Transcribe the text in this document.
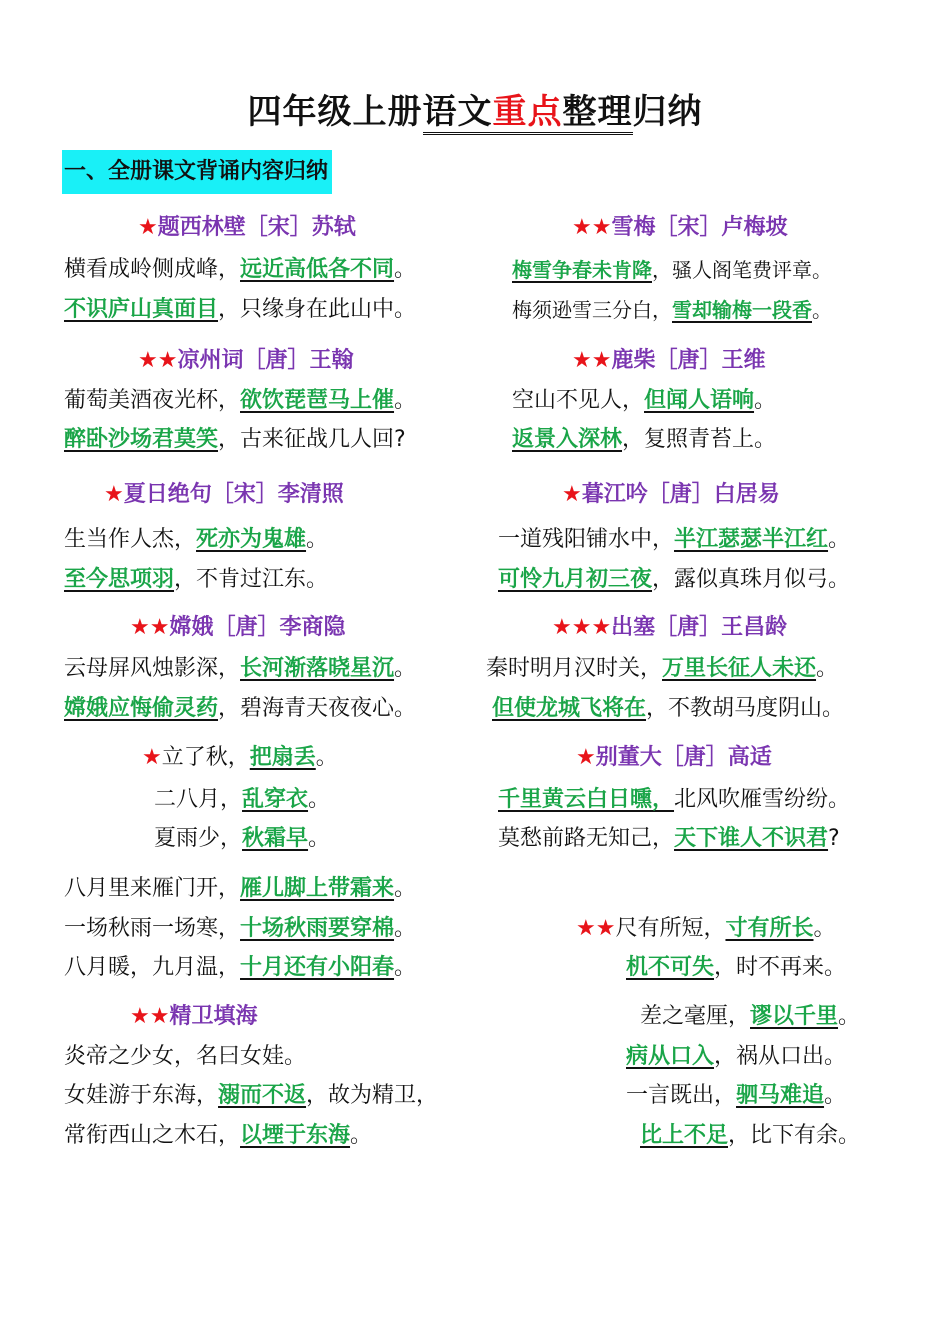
四年级上册语文重点整理归纳
一、全册课文背诵内容归纳
★题西林壁［宋］苏轼	★★雪梅［宋］卢梅坡
横看成岭侧成峰，远近高低各不同。	梅雪争春未肯降，骚人阁笔费评章。
不识庐山真面目，只缘身在此山中。	梅须逊雪三分白，雪却输梅一段香。
★★凉州词［唐］王翰	★★鹿柴［唐］王维
葡萄美酒夜光杯，欲饮琵琶马上催。	空山不见人，但闻人语响。
醉卧沙场君莫笑，古来征战几人回?	返景入深林，复照青苔上。
★夏日绝句［宋］李清照	★暮江吟［唐］白居易
生当作人杰，死亦为鬼雄。	一道残阳铺水中，半江瑟瑟半江红。
至今思项羽，不肯过江东。	可怜九月初三夜，露似真珠月似弓。
★★嫦娥［唐］李商隐	★★★出塞［唐］王昌龄
云母屏风烛影深，长河渐落晓星沉。	秦时明月汉时关，万里长征人未还。
嫦娥应悔偷灵药，碧海青天夜夜心。	但使龙城飞将在，不教胡马度阴山。
★立了秋，把扇丢。	★别董大［唐］高适
二八月，乱穿衣。	千里黄云白日曛，北风吹雁雪纷纷。
夏雨少，秋霜早。	莫愁前路无知己，天下谁人不识君?
八月里来雁门开，雁儿脚上带霜来。
一场秋雨一场寒，十场秋雨要穿棉。	★★尺有所短，寸有所长。
八月暖，九月温，十月还有小阳春。	机不可失，时不再来。
★★精卫填海	差之毫厘，谬以千里。
炎帝之少女，名曰女娃。	病从口入，祸从口出。
女娃游于东海，溺而不返，故为精卫，	一言既出，驷马难追。
常衔西山之木石，以堙于东海。	比上不足，比下有余。
